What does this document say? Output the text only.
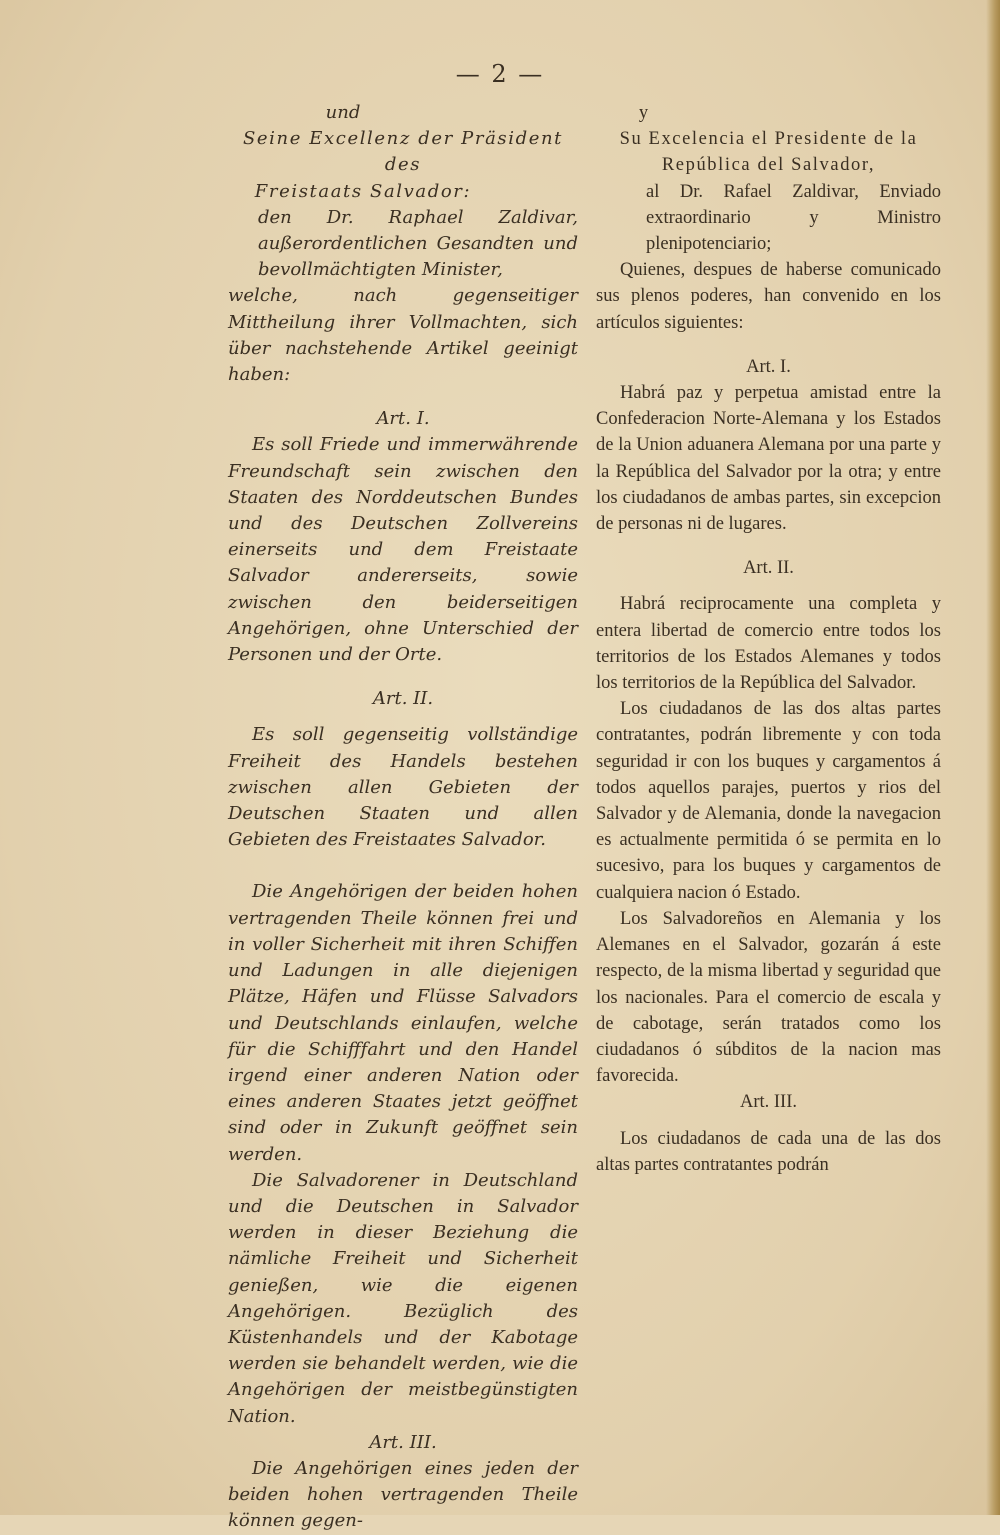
— 2 —

und

Seine Excellenz der Präsident des

Freistaats Salvador:

den Dr. Raphael Zaldivar, außerordentlichen Gesandten und bevollmächtigten Minister,

welche, nach gegenseitiger Mittheilung ihrer Vollmachten, sich über nachstehende Artikel geeinigt haben:

Art. I.

Es soll Friede und immerwährende Freundschaft sein zwischen den Staaten des Norddeutschen Bundes und des Deutschen Zollvereins einerseits und dem Freistaate Salvador andererseits, sowie zwischen den beiderseitigen Angehörigen, ohne Unterschied der Personen und der Orte.

Art. II.

Es soll gegenseitig vollständige Freiheit des Handels bestehen zwischen allen Gebieten der Deutschen Staaten und allen Gebieten des Freistaates Salvador.

Die Angehörigen der beiden hohen vertragenden Theile können frei und in voller Sicherheit mit ihren Schiffen und Ladungen in alle diejenigen Plätze, Häfen und Flüsse Salvadors und Deutschlands einlaufen, welche für die Schifffahrt und den Handel irgend einer anderen Nation oder eines anderen Staates jetzt geöffnet sind oder in Zukunft geöffnet sein werden.

Die Salvadorener in Deutschland und die Deutschen in Salvador werden in dieser Beziehung die nämliche Freiheit und Sicherheit genießen, wie die eigenen Angehörigen. Bezüglich des Küstenhandels und der Kabotage werden sie behandelt werden, wie die Angehörigen der meistbegünstigten Nation.

Art. III.

Die Angehörigen eines jeden der beiden hohen vertragenden Theile können gegen-

y

Su Excelencia el Presidente de la República del Salvador,

al Dr. Rafael Zaldivar, Enviado extraordinario y Ministro plenipotenciario;

Quienes, despues de haberse comunicado sus plenos poderes, han convenido en los artículos siguientes:

Art. I.

Habrá paz y perpetua amistad entre la Confederacion Norte-Alemana y los Estados de la Union aduanera Alemana por una parte y la República del Salvador por la otra; y entre los ciudadanos de ambas partes, sin excepcion de personas ni de lugares.

Art. II.

Habrá reciprocamente una completa y entera libertad de comercio entre todos los territorios de los Estados Alemanes y todos los territorios de la República del Salvador.

Los ciudadanos de las dos altas partes contratantes, podrán libremente y con toda seguridad ir con los buques y cargamentos á todos aquellos parajes, puertos y rios del Salvador y de Alemania, donde la navegacion es actualmente permitida ó se permita en lo sucesivo, para los buques y cargamentos de cualquiera nacion ó Estado.

Los Salvadoreños en Alemania y los Alemanes en el Salvador, gozarán á este respecto, de la misma libertad y seguridad que los nacionales. Para el comercio de escala y de cabotage, serán tratados como los ciudadanos ó súbditos de la nacion mas favorecida.

Art. III.

Los ciudadanos de cada una de las dos altas partes contratantes podrán
